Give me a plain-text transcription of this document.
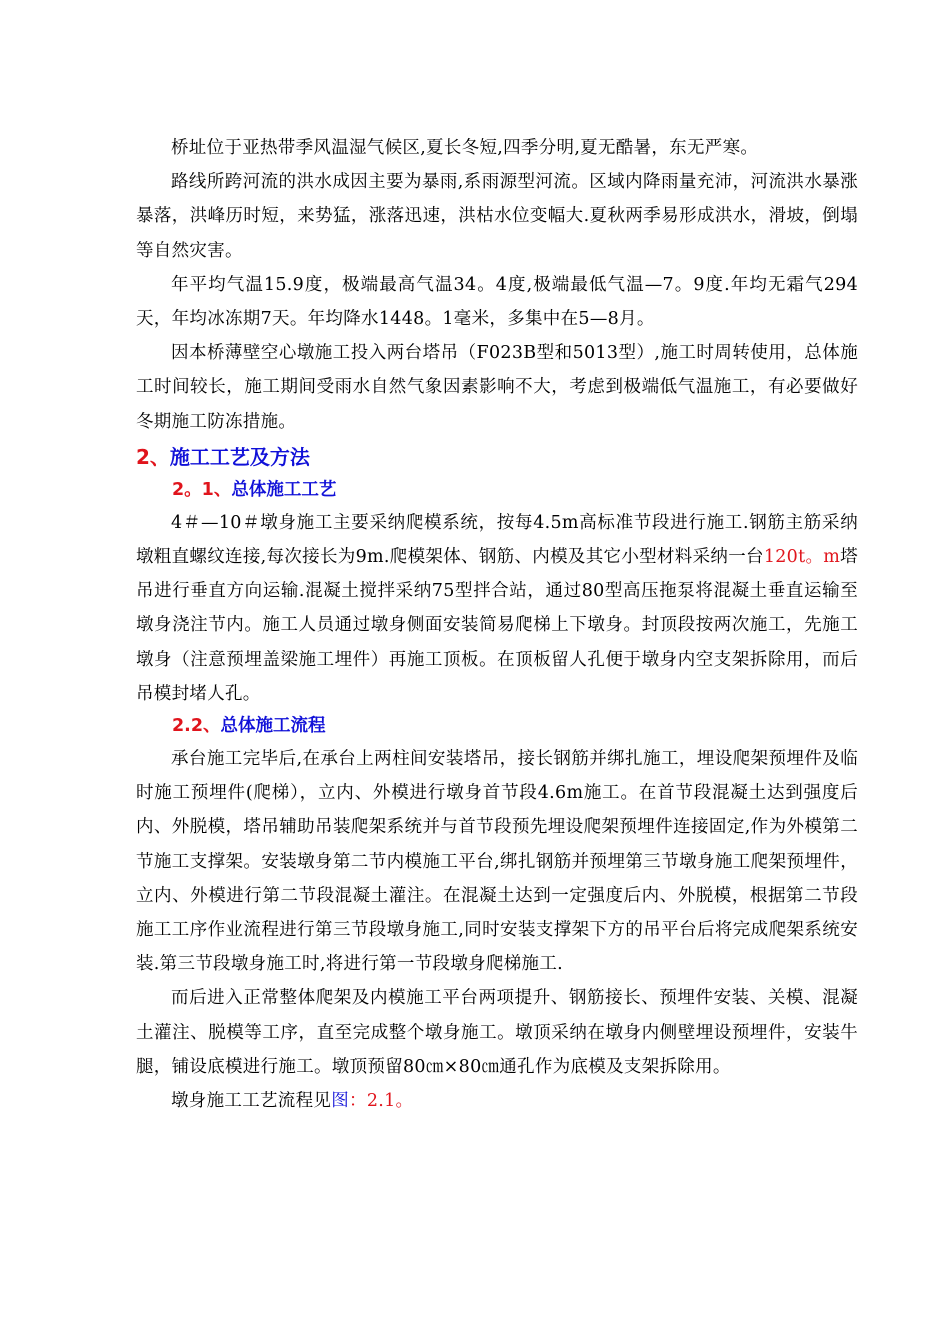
桥址位于亚热带季风温湿气候区,夏长冬短,四季分明,夏无酷暑，东无严寒。

路线所跨河流的洪水成因主要为暴雨,系雨源型河流。区域内降雨量充沛，河流洪水暴涨暴落，洪峰历时短，来势猛，涨落迅速，洪枯水位变幅大.夏秋两季易形成洪水，滑坡，倒塌等自然灾害。

年平均气温15.9度，极端最高气温34。4度,极端最低气温—7。9度.年均无霜气294天，年均冰冻期7天。年均降水1448。1毫米，多集中在5—8月。

因本桥薄壁空心墩施工投入两台塔吊（F023B型和5013型）,施工时周转使用，总体施工时间较长，施工期间受雨水自然气象因素影响不大，考虑到极端低气温施工，有必要做好冬期施工防冻措施。

2、施工工艺及方法
2。1、总体施工工艺

4＃—10＃墩身施工主要采纳爬模系统，按每4.5m高标准节段进行施工.钢筋主筋采纳墩粗直螺纹连接,每次接长为9m.爬模架体、钢筋、内模及其它小型材料采纳一台120t。m塔吊进行垂直方向运输.混凝土搅拌采纳75型拌合站，通过80型高压拖泵将混凝土垂直运输至墩身浇注节内。施工人员通过墩身侧面安装简易爬梯上下墩身。封顶段按两次施工，先施工墩身（注意预埋盖梁施工埋件）再施工顶板。在顶板留人孔便于墩身内空支架拆除用，而后吊模封堵人孔。

2.2、总体施工流程

承台施工完毕后,在承台上两柱间安装塔吊，接长钢筋并绑扎施工，埋设爬架预埋件及临时施工预埋件(爬梯），立内、外模进行墩身首节段4.6m施工。在首节段混凝土达到强度后内、外脱模，塔吊辅助吊装爬架系统并与首节段预先埋设爬架预埋件连接固定,作为外模第二节施工支撑架。安装墩身第二节内模施工平台,绑扎钢筋并预埋第三节墩身施工爬架预埋件，立内、外模进行第二节段混凝土灌注。在混凝土达到一定强度后内、外脱模，根据第二节段施工工序作业流程进行第三节段墩身施工,同时安装支撑架下方的吊平台后将完成爬架系统安装.第三节段墩身施工时,将进行第一节段墩身爬梯施工.

而后进入正常整体爬架及内模施工平台两项提升、钢筋接长、预埋件安装、关模、混凝土灌注、脱模等工序，直至完成整个墩身施工。墩顶采纳在墩身内侧壁埋设预埋件，安装牛腿，铺设底模进行施工。墩顶预留80㎝×80㎝通孔作为底模及支架拆除用。

墩身施工工艺流程见图：2.1。
